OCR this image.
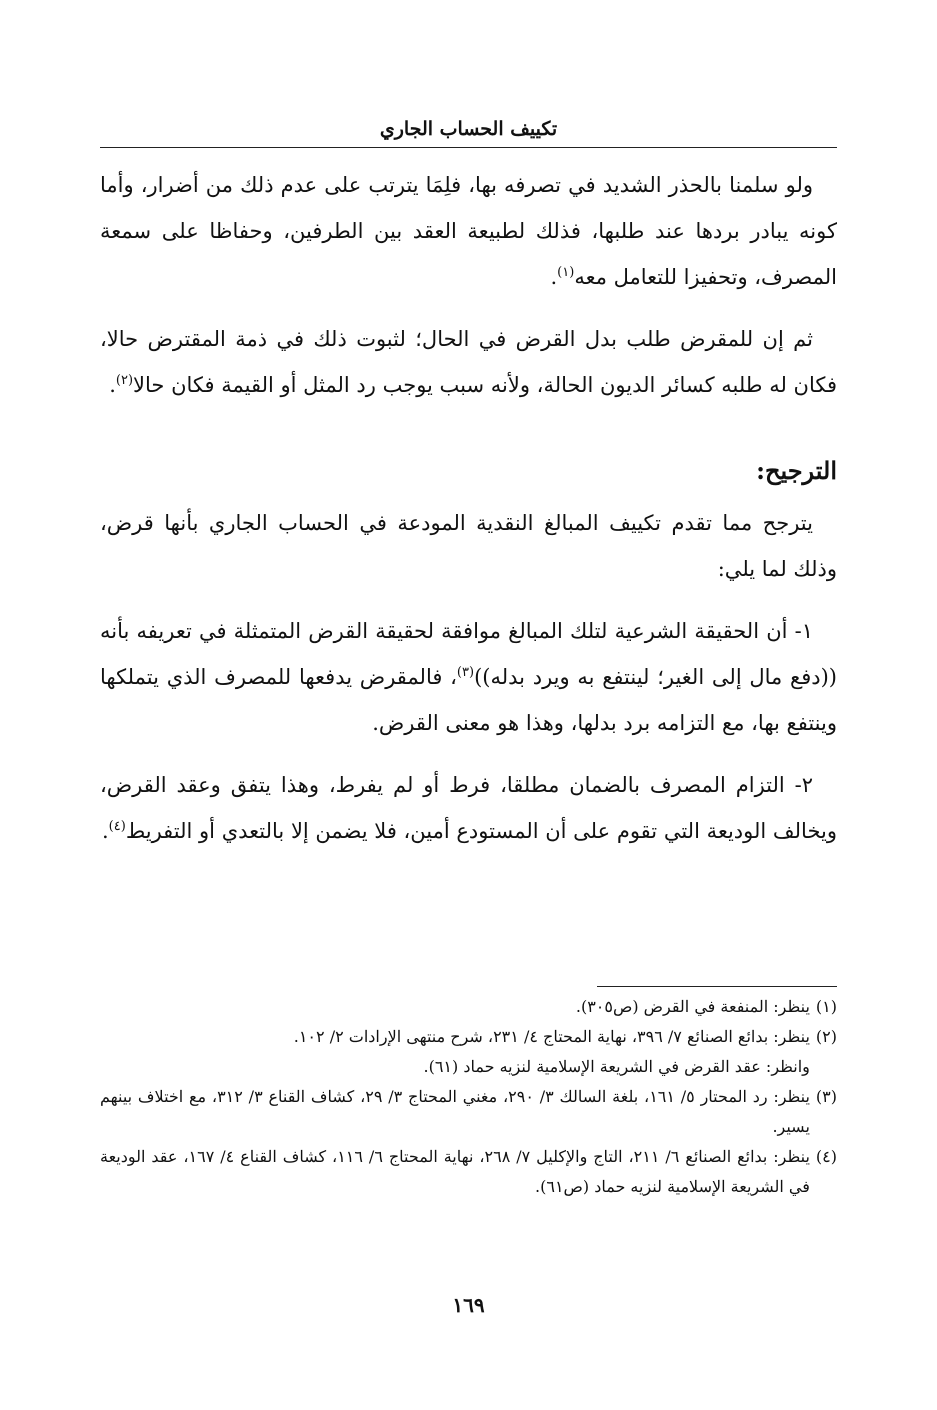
تكييف الحساب الجاري

ولو سلمنا بالحذر الشديد في تصرفه بها، فلِمَا يترتب على عدم ذلك من أضرار، وأما كونه يبادر بردها عند طلبها، فذلك لطبيعة العقد بين الطرفين، وحفاظا على سمعة المصرف، وتحفيزا للتعامل معه$^{(١)}$.

ثم إن للمقرض طلب بدل القرض في الحال؛ لثبوت ذلك في ذمة المقترض حالا، فكان له طلبه كسائر الديون الحالة، ولأنه سبب يوجب رد المثل أو القيمة فكان حالا$^{(٢)}$.

الترجيح:

يترجح مما تقدم تكييف المبالغ النقدية المودعة في الحساب الجاري بأنها قرض، وذلك لما يلي:

١- أن الحقيقة الشرعية لتلك المبالغ موافقة لحقيقة القرض المتمثلة في تعريفه بأنه ((دفع مال إلى الغير؛ لينتفع به ويرد بدله))$^{(٣)}$، فالمقرض يدفعها للمصرف الذي يتملكها وينتفع بها، مع التزامه برد بدلها، وهذا هو معنى القرض.

٢- التزام المصرف بالضمان مطلقا، فرط أو لم يفرط، وهذا يتفق وعقد القرض، ويخالف الوديعة التي تقوم على أن المستودع أمين، فلا يضمن إلا بالتعدي أو التفريط$^{(٤)}$.

(١)
ينظر: المنفعة في القرض (ص٣٠٥).
(٢)
ينظر: بدائع الصنائع ٧/ ٣٩٦، نهاية المحتاج ٤/ ٢٣١، شرح منتهى الإرادات ٢/ ١٠٢.
وانظر: عقد القرض في الشريعة الإسلامية لنزيه حماد (٦١).
(٣)
ينظر: رد المحتار ٥/ ١٦١، بلغة السالك ٣/ ٢٩٠، مغني المحتاج ٣/ ٢٩، كشاف القناع ٣/ ٣١٢، مع اختلاف بينهم يسير.
(٤)
ينظر: بدائع الصنائع ٦/ ٢١١، التاج والإكليل ٧/ ٢٦٨، نهاية المحتاج ٦/ ١١٦، كشاف القناع ٤/ ١٦٧، عقد الوديعة في الشريعة الإسلامية لنزيه حماد (ص٦١).
١٦٩
